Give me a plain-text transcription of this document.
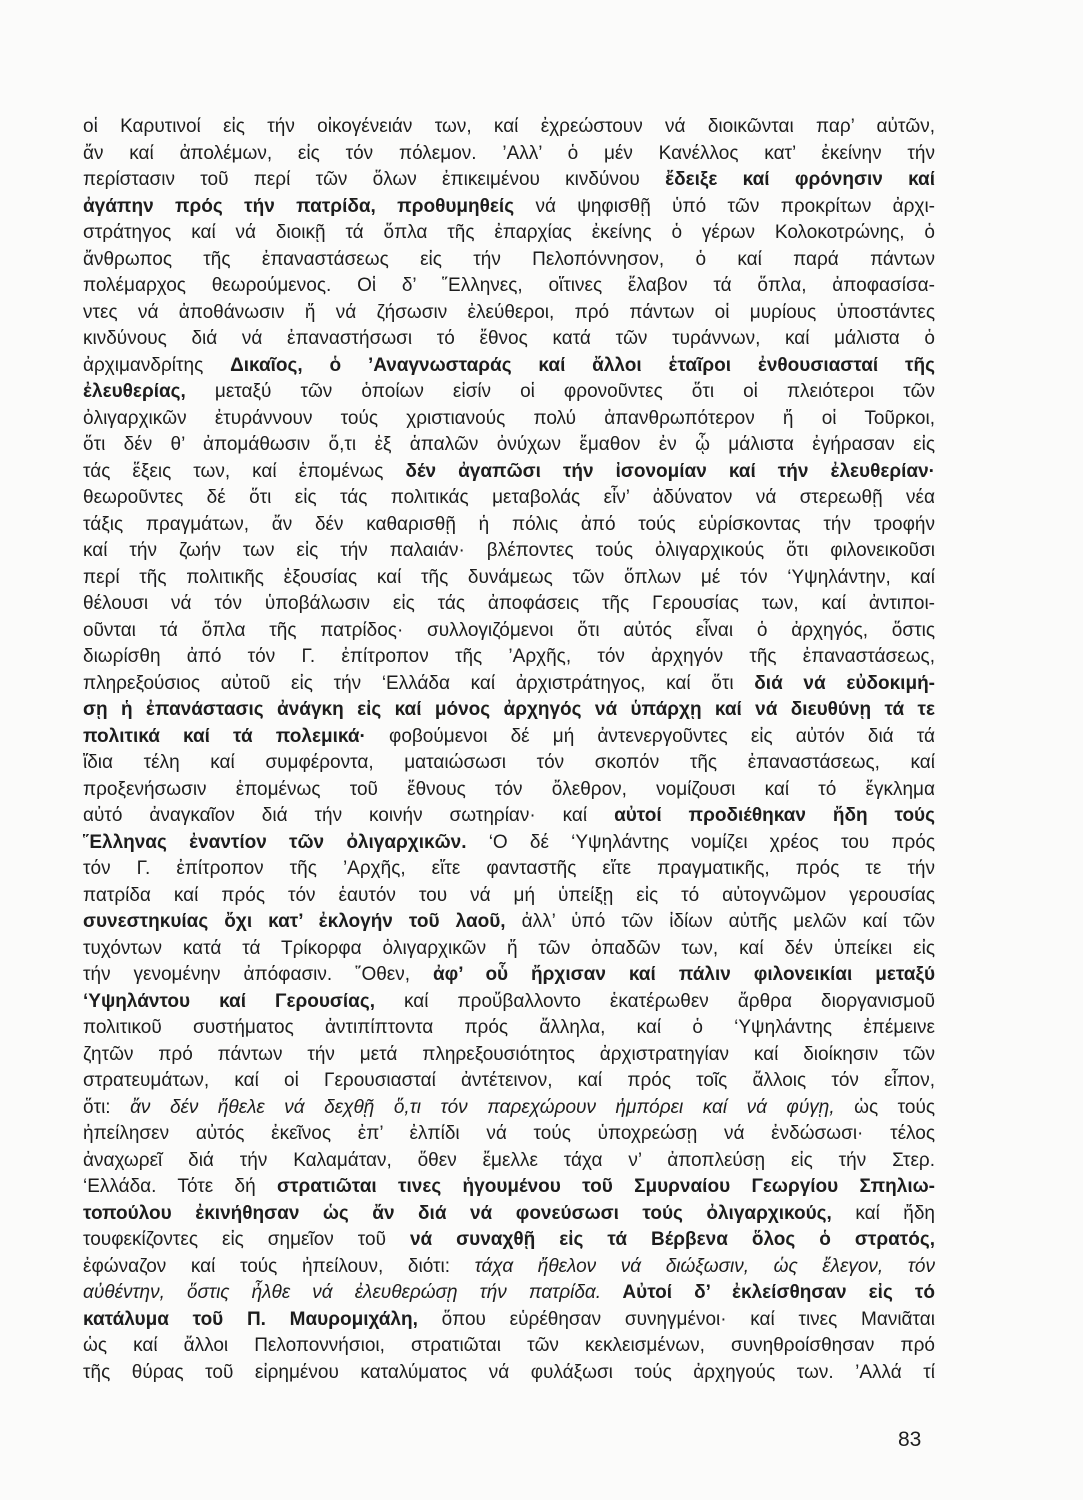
οἱ Καρυτινοί εἰς τήν οἰκογένειάν των, καί ἐχρεώστουν νά διοικῶνται παρ’ αὐτῶν,
ἄν καί ἀπολέμων, εἰς τόν πόλεμον. ’Αλλ’ ὁ μέν Κανέλλος κατ’ ἐκείνην τήν
περίστασιν τοῦ περί τῶν ὅλων ἐπικειμένου κινδύνου ἔδειξε καί φρόνησιν καί
ἀγάπην πρός τήν πατρίδα, προθυμηθείς νά ψηφισθῇ ὑπό τῶν προκρίτων ἀρχι-
στράτηγος καί νά διοικῇ τά ὅπλα τῆς ἐπαρχίας ἐκείνης ὁ γέρων Κολοκοτρώνης, ὁ
ἄνθρωπος τῆς ἐπαναστάσεως εἰς τήν Πελοπόννησον, ὁ καί παρά πάντων
πολέμαρχος θεωρούμενος. Οἱ δ’ ῞Ελληνες, οἵτινες ἔλαβον τά ὅπλα, ἀποφασίσα-
ντες νά ἀποθάνωσιν ἤ νά ζήσωσιν ἐλεύθεροι, πρό πάντων οἱ μυρίους ὑποστάντες
κινδύνους διά νά ἐπαναστήσωσι τό ἔθνος κατά τῶν τυράννων, καί μάλιστα ὁ
ἀρχιμανδρίτης Δικαῖος, ὁ ’Αναγνωσταράς καί ἄλλοι ἑταῖροι ἐνθουσιασταί τῆς
ἐλευθερίας, μεταξύ τῶν ὁποίων εἰσίν οἱ φρονοῦντες ὅτι οἱ πλειότεροι τῶν
ὀλιγαρχικῶν ἐτυράννουν τούς χριστιανούς πολύ ἀπανθρωπότερον ἤ οἱ Τοῦρκοι,
ὅτι δέν θ’ ἀπομάθωσιν ὅ,τι ἐξ ἁπαλῶν ὀνύχων ἔμαθον ἐν ᾧ μάλιστα ἐγήρασαν εἰς
τάς ἕξεις των, καί ἑπομένως δέν ἀγαπῶσι τήν ἰσονομίαν καί τήν ἐλευθερίαν·
θεωροῦντες δέ ὅτι εἰς τάς πολιτικάς μεταβολάς εἶν’ ἀδύνατον νά στερεωθῇ νέα
τάξις πραγμάτων, ἄν δέν καθαρισθῇ ἡ πόλις ἀπό τούς εὑρίσκοντας τήν τροφήν
καί τήν ζωήν των εἰς τήν παλαιάν· βλέποντες τούς ὀλιγαρχικούς ὅτι φιλονεικοῦσι
περί τῆς πολιτικῆς ἐξουσίας καί τῆς δυνάμεως τῶν ὅπλων μέ τόν ‘Υψηλάντην, καί
θέλουσι νά τόν ὑποβάλωσιν εἰς τάς ἀποφάσεις τῆς Γερουσίας των, καί ἀντιποι-
οῦνται τά ὅπλα τῆς πατρίδος· συλλογιζόμενοι ὅτι αὐτός εἶναι ὁ ἀρχηγός, ὅστις
διωρίσθη ἀπό τόν Γ. ἐπίτροπον τῆς ’Αρχῆς, τόν ἀρχηγόν τῆς ἐπαναστάσεως,
πληρεξούσιος αὐτοῦ εἰς τήν ‘Ελλάδα καί ἀρχιστράτηγος, καί ὅτι διά νά εὐδοκιμή-
σῃ ἡ ἐπανάστασις ἀνάγκη εἰς καί μόνος ἀρχηγός νά ὑπάρχῃ καί νά διευθύνῃ τά τε
πολιτικά καί τά πολεμικά· φοβούμενοι δέ μή ἀντενεργοῦντες εἰς αὐτόν διά τά
ἴδια τέλη καί συμφέροντα, ματαιώσωσι τόν σκοπόν τῆς ἐπαναστάσεως, καί
προξενήσωσιν ἑπομένως τοῦ ἔθνους τόν ὄλεθρον, νομίζουσι καί τό ἔγκλημα
αὐτό ἀναγκαῖον διά τήν κοινήν σωτηρίαν· καί αὐτοί προδιέθηκαν ἤδη τούς
῞Ελληνας ἐναντίον τῶν ὀλιγαρχικῶν. ‘Ο δέ ‘Υψηλάντης νομίζει χρέος του πρός
τόν Γ. ἐπίτροπον τῆς ’Αρχῆς, εἴτε φανταστῆς εἴτε πραγματικῆς, πρός τε τήν
πατρίδα καί πρός τόν ἑαυτόν του νά μή ὑπείξῃ εἰς τό αὐτογνῶμον γερουσίας
συνεστηκυίας ὄχι κατ’ ἐκλογήν τοῦ λαοῦ, ἀλλ’ ὑπό τῶν ἰδίων αὐτῆς μελῶν καί τῶν
τυχόντων κατά τά Τρίκορφα ὀλιγαρχικῶν ἤ τῶν ὀπαδῶν των, καί δέν ὑπείκει εἰς
τήν γενομένην ἀπόφασιν. ῞Οθεν, ἀφ’ οὗ ἤρχισαν καί πάλιν φιλονεικίαι μεταξύ
‘Υψηλάντου καί Γερουσίας, καί προὔβαλλοντο ἑκατέρωθεν ἄρθρα διοργανισμοῦ
πολιτικοῦ συστήματος ἀντιπίπτοντα πρός ἄλληλα, καί ὁ ‘Υψηλάντης ἐπέμεινε
ζητῶν πρό πάντων τήν μετά πληρεξουσιότητος ἀρχιστρατηγίαν καί διοίκησιν τῶν
στρατευμάτων, καί οἱ Γερουσιασταί ἀντέτεινον, καί πρός τοῖς ἄλλοις τόν εἶπον,
ὅτι: ἄν δέν ἤθελε νά δεχθῇ ὅ,τι τόν παρεχώρουν ἠμπόρει καί νά φύγῃ, ὡς τούς
ἠπείλησεν αὐτός ἐκεῖνος ἐπ’ ἐλπίδι νά τούς ὑποχρεώσῃ νά ἐνδώσωσι· τέλος
ἀναχωρεῖ διά τήν Καλαμάταν, ὅθεν ἔμελλε τάχα ν’ ἀποπλεύσῃ εἰς τήν Στερ.
‘Ελλάδα. Τότε δή στρατιῶται τινες ἡγουμένου τοῦ Σμυρναίου Γεωργίου Σπηλιω-
τοπούλου ἐκινήθησαν ὡς ἄν διά νά φονεύσωσι τούς ὀλιγαρχικούς, καί ἤδη
τουφεκίζοντες εἰς σημεῖον τοῦ νά συναχθῇ εἰς τά Βέρβενα ὅλος ὁ στρατός,
ἐφώναζον καί τούς ἠπείλουν, διότι: τάχα ἤθελον νά διώξωσιν, ὡς ἔλεγον, τόν
αὐθέντην, ὅστις ἦλθε νά ἐλευθερώσῃ τήν πατρίδα. Αὐτοί δ’ ἐκλείσθησαν εἰς τό
κατάλυμα τοῦ Π. Μαυρομιχάλη, ὅπου εὑρέθησαν συνηγμένοι· καί τινες Μανιᾶται
ὡς καί ἄλλοι Πελοποννήσιοι, στρατιῶται τῶν κεκλεισμένων, συνηθροίσθησαν πρό
τῆς θύρας τοῦ εἰρημένου καταλύματος νά φυλάξωσι τούς ἀρχηγούς των. ’Αλλά τί
83
